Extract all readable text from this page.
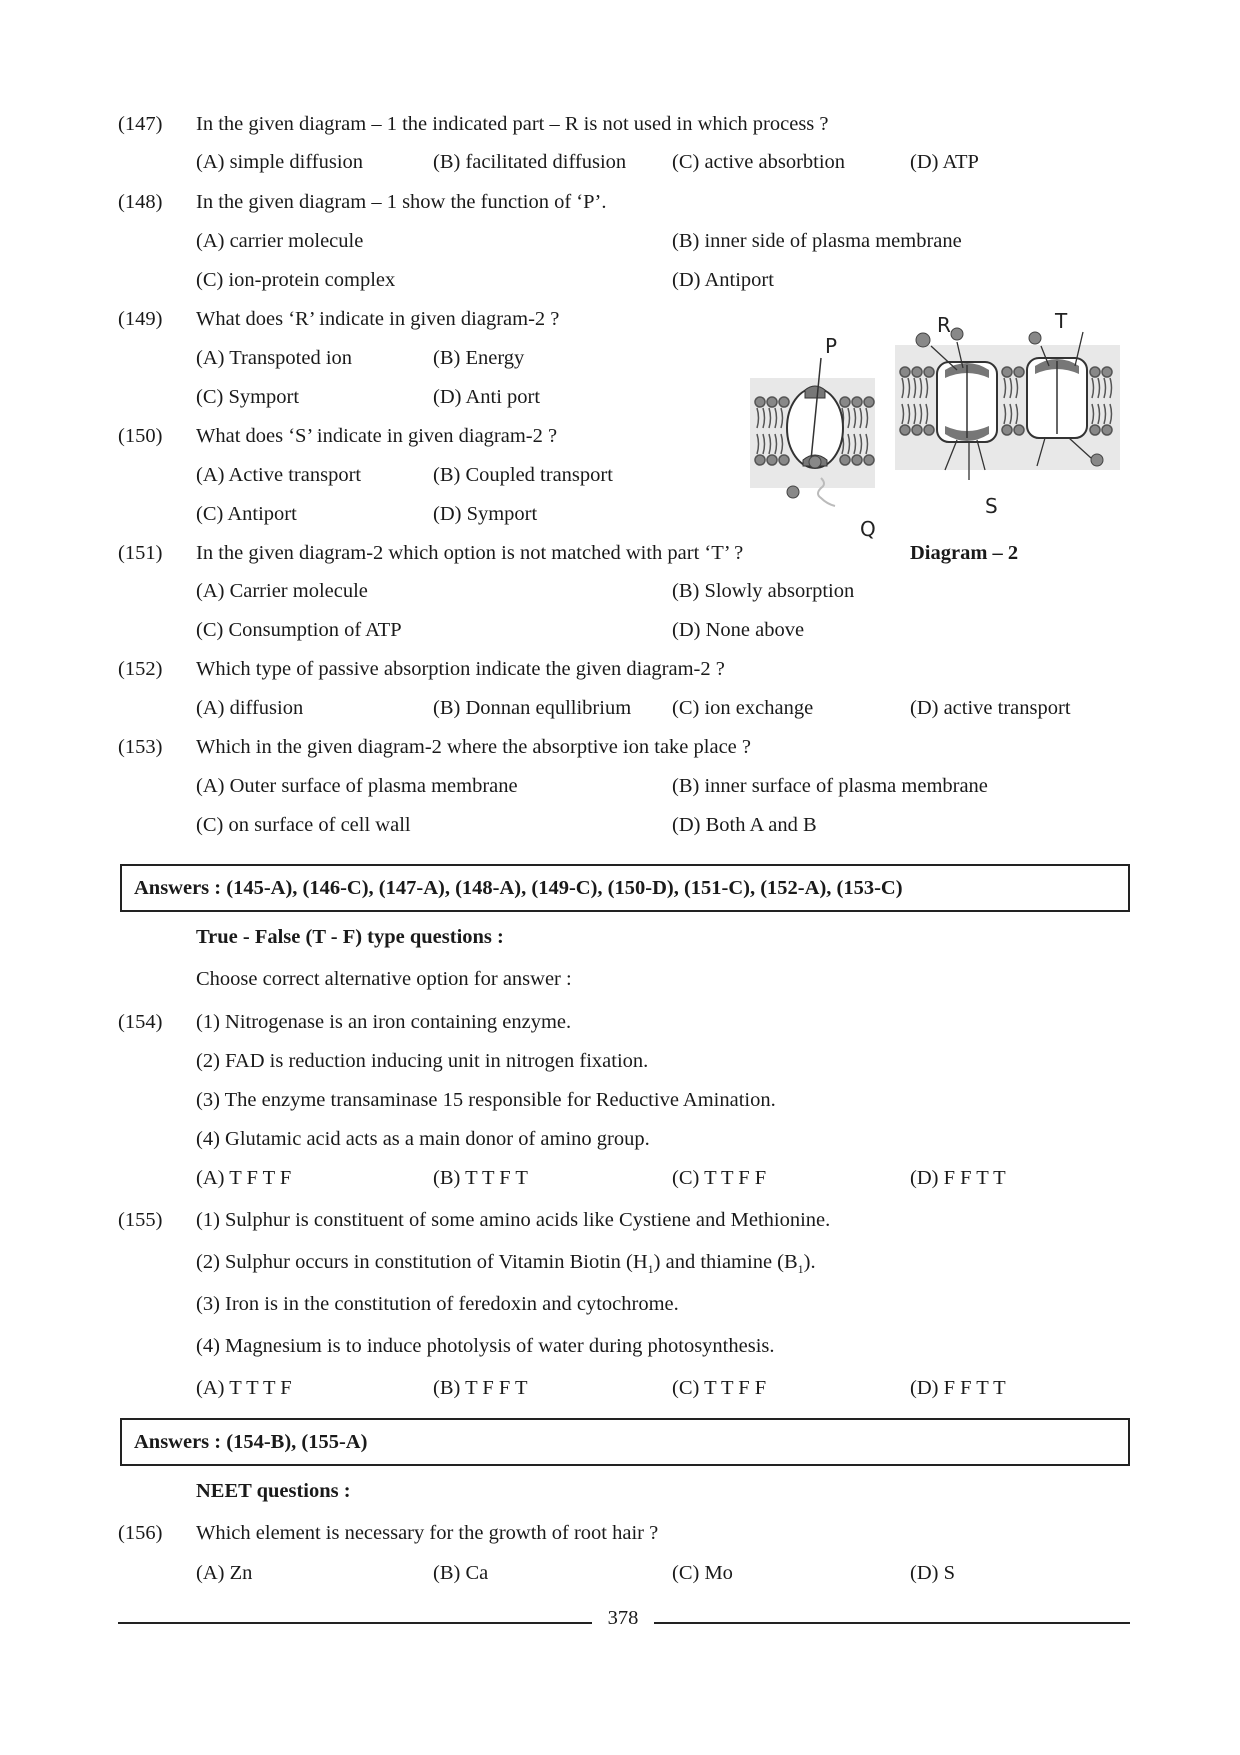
(147) In the given diagram – 1 the indicated part – R is not used in which process ?
(A) simple diffusion	(B) facilitated diffusion (C) active absorbtion	(D) ATP
(148) In the given diagram – 1 show the function of ‘P’.
(A) carrier molecule	(B) inner side of plasma membrane
(C) ion-protein complex	(D) Antiport
(149) What does ‘R’ indicate in given diagram-2 ?
(A) Transpoted ion	(B) Energy
(C) Symport	(D) Anti port
(150) What does ‘S’ indicate in given diagram-2 ?
(A) Active transport	(B) Coupled transport
(C) Antiport	(D) Symport
P
Q
R
S
T
(151) In the given diagram-2 which option is not matched with part ‘T’ ?	Diagram – 2
(A) Carrier molecule	(B) Slowly absorption
(C) Consumption of ATP	(D) None above
(152) Which type of passive absorption indicate the given diagram-2 ?
(A) diffusion	(B) Donnan equllibrium (C) ion exchange	(D) active transport
(153) Which in the given diagram-2 where the absorptive ion take place ?
(A) Outer surface of plasma membrane	(B) inner surface of plasma membrane
(C) on surface of cell wall	(D) Both A and B
Answers : (145-A), (146-C), (147-A), (148-A), (149-C), (150-D), (151-C), (152-A), (153-C)
True - False (T - F) type questions :
Choose correct alternative option for answer :
(154) (1) Nitrogenase is an iron containing enzyme.
(2) FAD is reduction inducing unit in nitrogen fixation.
(3) The enzyme transaminase 15 responsible for Reductive Amination.
(4) Glutamic acid acts as a main donor of amino group.
(A) T F T F	(B) T T F T	(C) T T F F	(D) F F T T
(155) (1) Sulphur is constituent of some amino acids like Cystiene and Methionine.
(2) Sulphur occurs in constitution of Vitamin Biotin $(H_1)$ and thiamine $(B_1)$.
(3) Iron is in the constitution of feredoxin and cytochrome.
(4) Magnesium is to induce photolysis of water during photosynthesis.
(A) T T T F	(B) T F F T	(C) T T F F	(D) F F T T
Answers : (154-B), (155-A)
NEET questions :
(156) Which element is necessary for the growth of root hair ?
(A) Zn	(B) Ca	(C) Mo	(D) S
378
